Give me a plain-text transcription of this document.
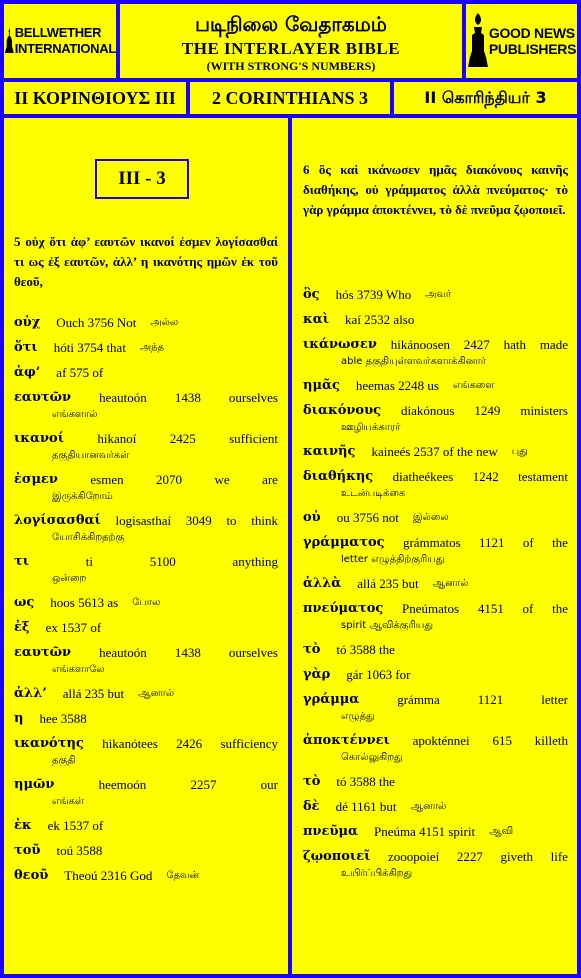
BELLWETHER
INTERNATIONAL
படிநிலை வேதாகமம்
THE INTERLAYER BIBLE
(WITH STRONG'S NUMBERS)
GOOD NEWS
PUBLISHERS
II ΚΟΡΙΝΘΙΟΥΣ III 2 CORINTHIANS 3	II கொரிந்தியர் 3
III - 3
5 οὐχ ὅτι ἀφ’ εαυτῶν ικανοί ἐσμεν λογίσασθαί τι ως ἐξ εαυτῶν, ἀλλ’ η ικανότης ημῶν ἐκ τοῦ θεοῦ,
οὐχ Ouch 3756 Not அல்ல
ὅτι hóti 3754 that அந்த
ἀφ’ af 575 of
εαυτῶν heautoón 1438 ourselves
எங்களால்
ικανοί	hikanoí	2425	sufficient
தகுதியானவர்கள்
ἐσμεν esmen 2070 we are
இருக்கிறோம்
λογίσασθαί logisasthaí 3049 to think
யோசிக்கிறதற்கு
τι	ti	5100	anything
ஒன்றை
ως hoos 5613 as போல
ἐξ ex 1537 of
εαυτῶν heautoón 1438 ourselves
எங்களாலே
ἀλλ’ allá 235 but ஆனால்
η hee 3588
ικανότης hikanótees 2426 sufficiency
தகுதி
ημῶν	heemoón	2257	our
எங்கள்
ἐκ ek 1537 of
τοῦ toú 3588
θεοῦ Theoú 2316 God தேவன்
6 ὃς καὶ ικάνωσεν ημᾶς διακόνους καινῆς διαθήκης, οὐ γράμματος ἀλλὰ πνεύματος· τὸ γὰρ γράμμα ἀποκτέννει, τὸ δὲ πνεῦμα ζῳοποιεῖ.
ὃς hós 3739 Who அவர்
καὶ kaí 2532 also
ικάνωσεν hikánoosen 2427 hath made
able தகுதியுள்ளவர்களாக்கினார்
ημᾶς heemas 2248 us எங்களை
διακόνους diakónous 1249 ministers
ஊழியக்காரர்
καινῆς kaineés 2537 of the new புது
διαθήκης diatheékees 1242 testament
உடன்படிக்கை
οὐ ou 3756 not இல்லை
γράμματος grámmatos 1121 of the
letter எழுத்திற்குரியது
ἀλλὰ allá 235 but ஆனால்
πνεύματος Pneúmatos 4151 of the
spirit ஆவிக்குரியது
τὸ tó 3588 the
γὰρ gár 1063 for
γράμμα	grámma	1121	letter
எழுத்து
ἀποκτέννει apokténnei 615 killeth
கொல்லுகிறது
τὸ tó 3588 the
δὲ dé 1161 but ஆனால்
πνεῦμα Pneúma 4151 spirit ஆவி
ζῳοποιεῖ zooopoieí 2227 giveth life
உயிர்ப்பிக்கிறது
